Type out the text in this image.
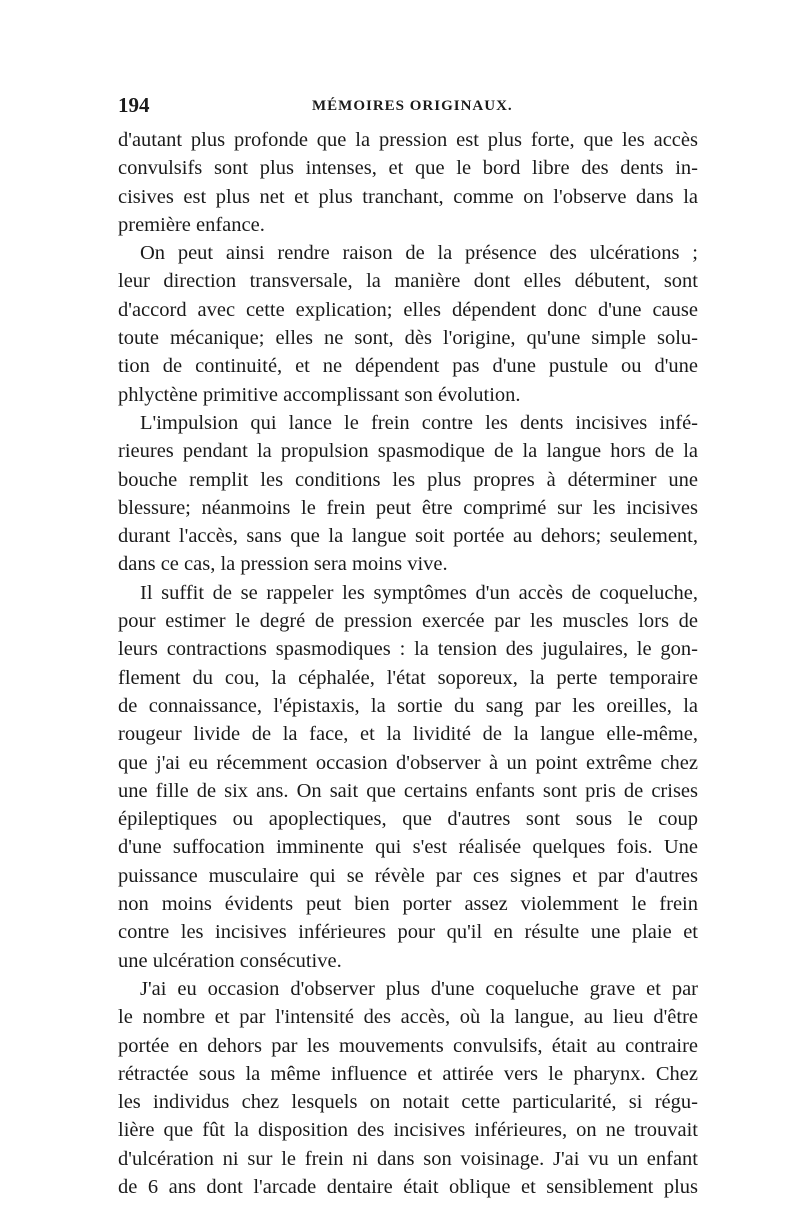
194	MÉMOIRES ORIGINAUX.
d'autant plus profonde que la pression est plus forte, que les accès
convulsifs sont plus intenses, et que le bord libre des dents in-
cisives est plus net et plus tranchant, comme on l'observe dans la
première enfance.
On peut ainsi rendre raison de la présence des ulcérations ;
leur direction transversale, la manière dont elles débutent, sont
d'accord avec cette explication; elles dépendent donc d'une cause
toute mécanique; elles ne sont, dès l'origine, qu'une simple solu-
tion de continuité, et ne dépendent pas d'une pustule ou d'une
phlyctène primitive accomplissant son évolution.
L'impulsion qui lance le frein contre les dents incisives infé-
rieures pendant la propulsion spasmodique de la langue hors de la
bouche remplit les conditions les plus propres à déterminer une
blessure; néanmoins le frein peut être comprimé sur les incisives
durant l'accès, sans que la langue soit portée au dehors; seulement,
dans ce cas, la pression sera moins vive.
Il suffit de se rappeler les symptômes d'un accès de coqueluche,
pour estimer le degré de pression exercée par les muscles lors de
leurs contractions spasmodiques : la tension des jugulaires, le gon-
flement du cou, la céphalée, l'état soporeux, la perte temporaire
de connaissance, l'épistaxis, la sortie du sang par les oreilles, la
rougeur livide de la face, et la lividité de la langue elle-même,
que j'ai eu récemment occasion d'observer à un point extrême chez
une fille de six ans. On sait que certains enfants sont pris de crises
épileptiques ou apoplectiques, que d'autres sont sous le coup
d'une suffocation imminente qui s'est réalisée quelques fois. Une
puissance musculaire qui se révèle par ces signes et par d'autres
non moins évidents peut bien porter assez violemment le frein
contre les incisives inférieures pour qu'il en résulte une plaie et
une ulcération consécutive.
J'ai eu occasion d'observer plus d'une coqueluche grave et par
le nombre et par l'intensité des accès, où la langue, au lieu d'être
portée en dehors par les mouvements convulsifs, était au contraire
rétractée sous la même influence et attirée vers le pharynx. Chez
les individus chez lesquels on notait cette particularité, si régu-
lière que fût la disposition des incisives inférieures, on ne trouvait
d'ulcération ni sur le frein ni dans son voisinage. J'ai vu un enfant
de 6 ans dont l'arcade dentaire était oblique et sensiblement plus
